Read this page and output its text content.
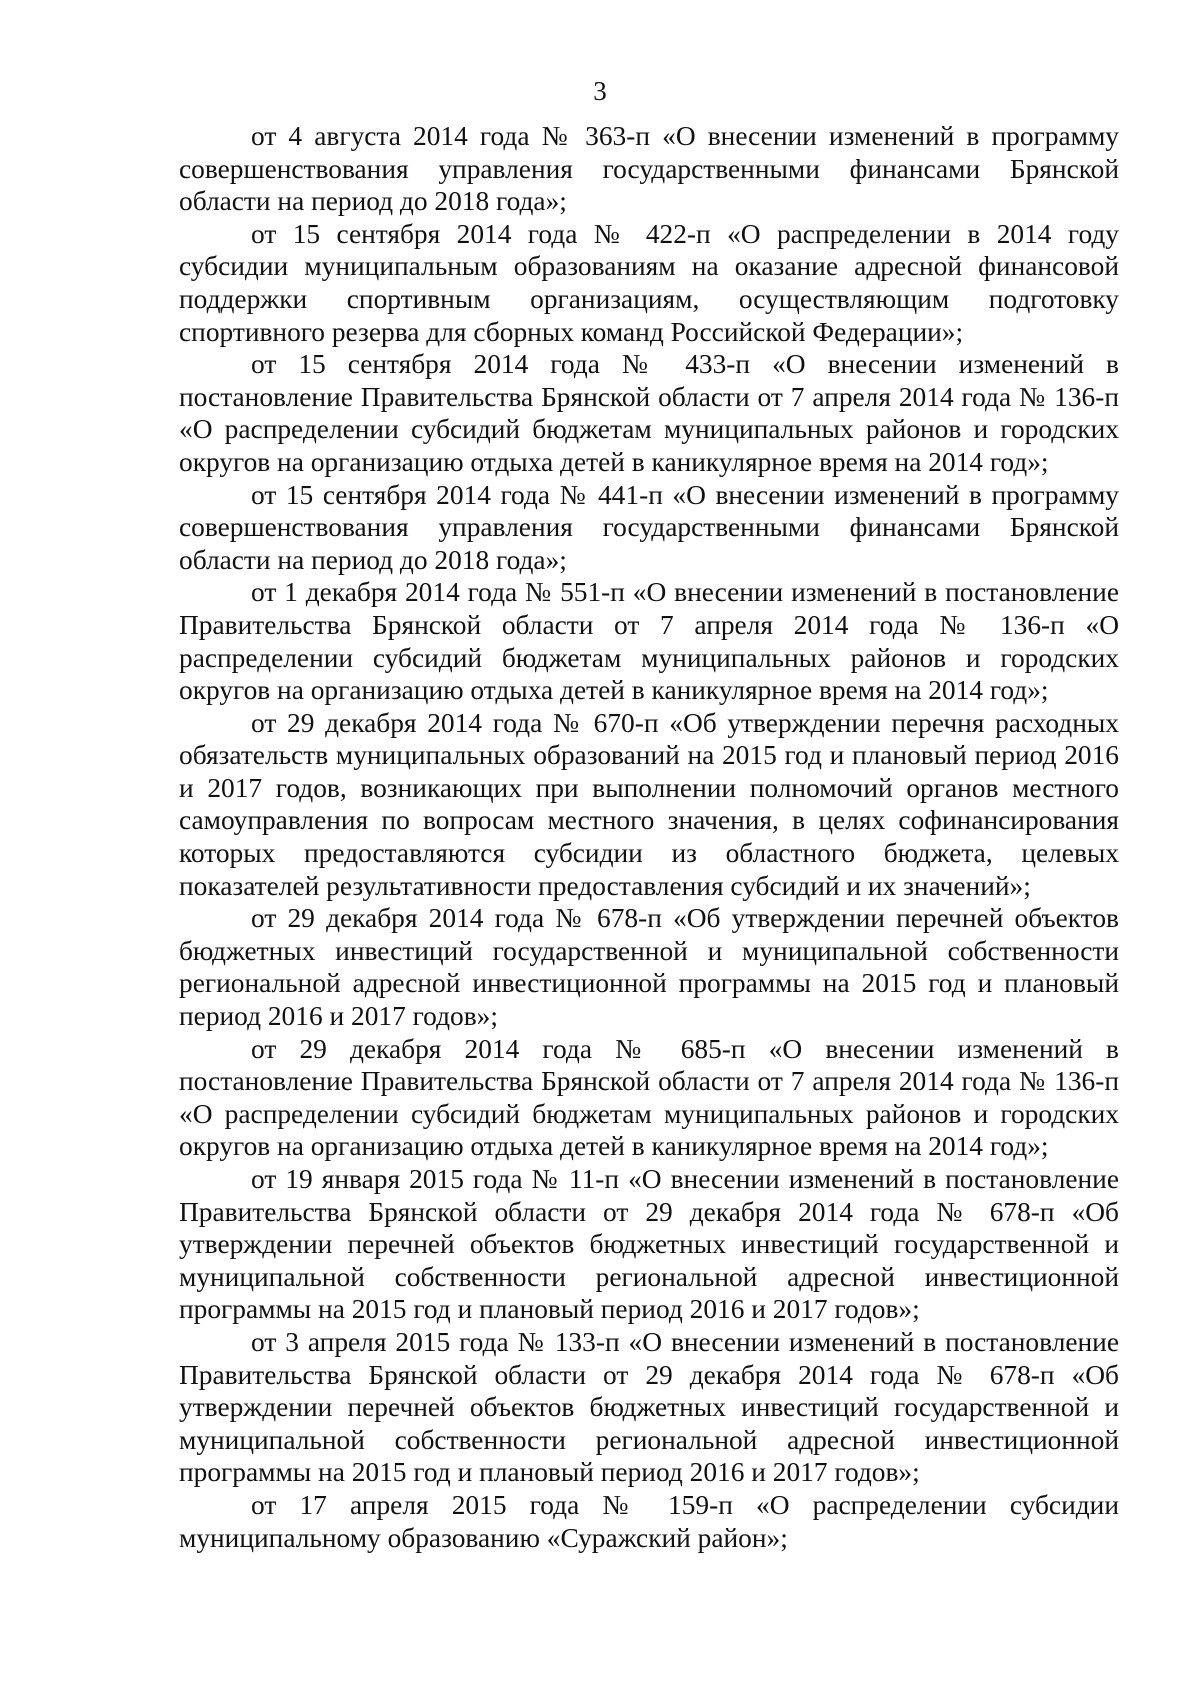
3

от 4 августа 2014 года № 363-п «О внесении изменений в программу совершенствования управления государственными финансами Брянской области на период до 2018 года»;

от 15 сентября 2014 года № 422-п «О распределении в 2014 году субсидии муниципальным образованиям на оказание адресной финансовой поддержки спортивным организациям, осуществляющим подготовку спортивного резерва для сборных команд Российской Федерации»;

от 15 сентября 2014 года № 433-п «О внесении изменений в постановление Правительства Брянской области от 7 апреля 2014 года № 136-п «О распределении субсидий бюджетам муниципальных районов и городских округов на организацию отдыха детей в каникулярное время на 2014 год»;

от 15 сентября 2014 года № 441-п «О внесении изменений в программу совершенствования управления государственными финансами Брянской области на период до 2018 года»;

от 1 декабря 2014 года № 551-п «О внесении изменений в постановление Правительства Брянской области от 7 апреля 2014 года № 136-п «О распределении субсидий бюджетам муниципальных районов и городских округов на организацию отдыха детей в каникулярное время на 2014 год»;

от 29 декабря 2014 года № 670-п «Об утверждении перечня расходных обязательств муниципальных образований на 2015 год и плановый период 2016 и 2017 годов, возникающих при выполнении полномочий органов местного самоуправления по вопросам местного значения, в целях софинансирования которых предоставляются субсидии из областного бюджета, целевых показателей результативности предоставления субсидий и их значений»;

от 29 декабря 2014 года № 678-п «Об утверждении перечней объектов бюджетных инвестиций государственной и муниципальной собственности региональной адресной инвестиционной программы на 2015 год и плановый период 2016 и 2017 годов»;

от 29 декабря 2014 года № 685-п «О внесении изменений в постановление Правительства Брянской области от 7 апреля 2014 года № 136-п «О распределении субсидий бюджетам муниципальных районов и городских округов на организацию отдыха детей в каникулярное время на 2014 год»;

от 19 января 2015 года № 11-п «О внесении изменений в постановление Правительства Брянской области от 29 декабря 2014 года № 678-п «Об утверждении перечней объектов бюджетных инвестиций государственной и муниципальной собственности региональной адресной инвестиционной программы на 2015 год и плановый период 2016 и 2017 годов»;

от 3 апреля 2015 года № 133-п «О внесении изменений в постановление Правительства Брянской области от 29 декабря 2014 года № 678-п «Об утверждении перечней объектов бюджетных инвестиций государственной и муниципальной собственности региональной адресной инвестиционной программы на 2015 год и плановый период 2016 и 2017 годов»;

от 17 апреля 2015 года № 159-п «О распределении субсидии муниципальному образованию «Суражский район»;
